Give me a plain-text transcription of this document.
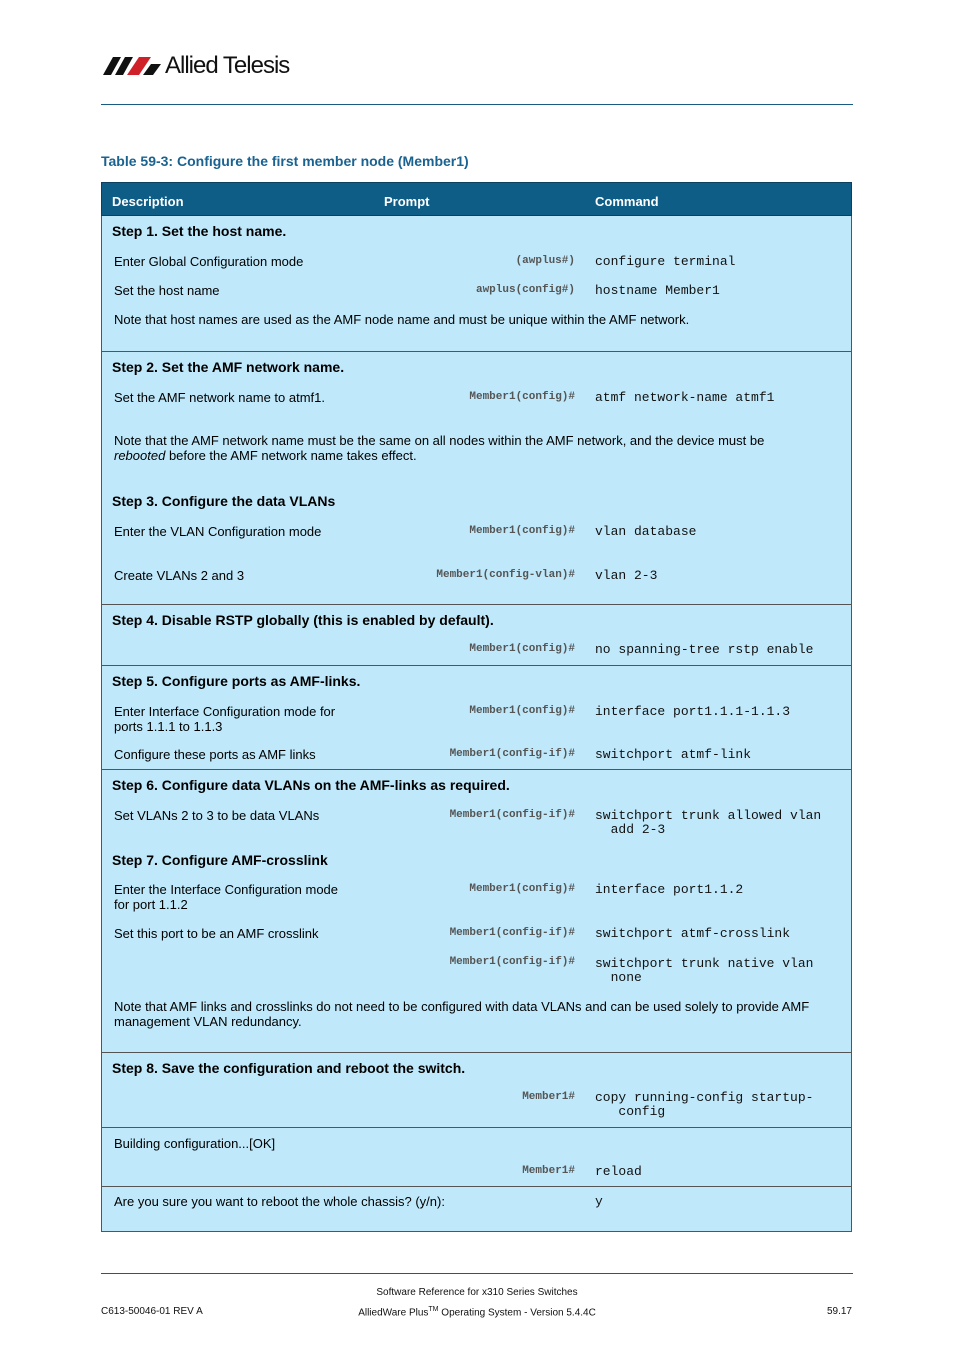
Allied Telesis
Table 59-3: Configure the first member node (Member1)
Description	Prompt	Command
Step 1. Set the host name.
Enter Global Configuration mode	(awplus#) configure terminal
Set the host name	awplus(config#) hostname Member1
Note that host names are used as the AMF node name and must be unique within the AMF network.
Step 2. Set the AMF network name.
Set the AMF network name to atmf1.	Member1(config)# atmf network-name atmf1
Note that the AMF network name must be the same on all nodes within the AMF network, and the device must be
rebooted before the AMF network name takes effect.
Step 3. Configure the data VLANs
Enter the VLAN Configuration mode	Member1(config)# vlan database
Create VLANs 2 and 3	Member1(config-vlan)# vlan 2-3
Step 4. Disable RSTP globally (this is enabled by default).
Member1(config)# no spanning-tree rstp enable
Step 5. Configure ports as AMF-links.
Enter Interface Configuration mode for
ports 1.1.1 to 1.1.3
Member1(config)# interface port1.1.1-1.1.3
Configure these ports as AMF links	Member1(config-if)# switchport atmf-link
Step 6. Configure data VLANs on the AMF-links as required.
Set VLANs 2 to 3 to be data VLANs	Member1(config-if)# switchport trunk allowed vlan
add 2-3
Step 7. Configure AMF-crosslink
Enter the Interface Configuration mode
for port 1.1.2
Member1(config)# interface port1.1.2
Set this port to be an AMF crosslink	Member1(config-if)# switchport atmf-crosslink
Member1(config-if)# switchport trunk native vlan
none
Note that AMF links and crosslinks do not need to be configured with data VLANs and can be used solely to provide AMF
management VLAN redundancy.
Step 8. Save the configuration and reboot the switch.
Member1# copy running-config startup-
config
Building configuration...[OK]
Member1# reload
Are you sure you want to reboot the whole chassis? (y/n):	y
Software Reference for x310 Series Switches
C613-50046-01 REV A	AlliedWare Plus™ Operating System - Version 5.4.4C	59.17
